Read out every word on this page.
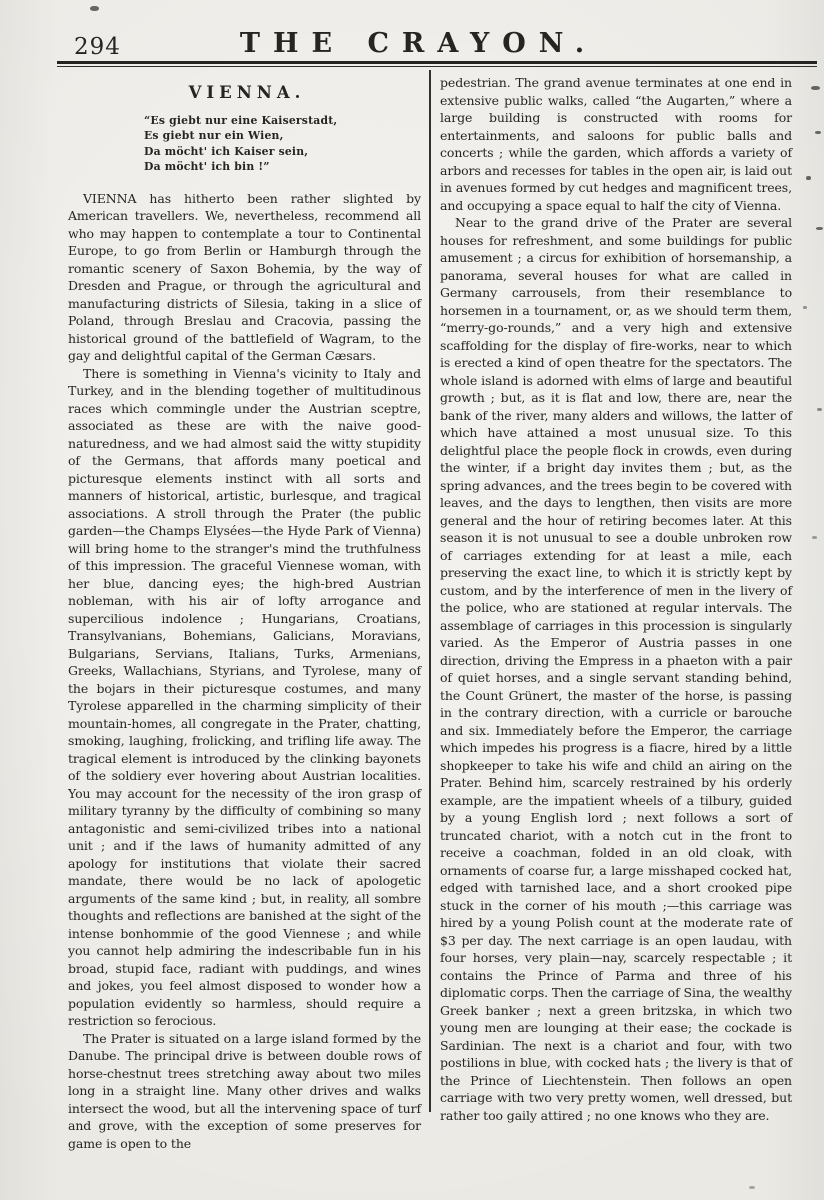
294	THE CRAYON.
VIENNA.
“Es giebt nur eine Kaiserstadt,
Es giebt nur ein Wien,
Da möcht' ich Kaiser sein,
Da möcht' ich bin !”

VIENNA has hitherto been rather slighted by American travellers. We, nevertheless, recommend all who may happen to contemplate a tour to Continental Europe, to go from Berlin or Hamburgh through the romantic scenery of Saxon Bohemia, by the way of Dresden and Prague, or through the agricultural and manufacturing districts of Silesia, taking in a slice of Poland, through Breslau and Cracovia, passing the historical ground of the battlefield of Wagram, to the gay and delightful capital of the German Cæsars.

There is something in Vienna's vicinity to Italy and Turkey, and in the blending together of multitudinous races which commingle under the Austrian sceptre, associated as these are with the naive good-naturedness, and we had almost said the witty stupidity of the Germans, that affords many poetical and picturesque elements instinct with all sorts and manners of historical, artistic, burlesque, and tragical associations. A stroll through the Prater (the public garden—the Champs Elysées—the Hyde Park of Vienna) will bring home to the stranger's mind the truthfulness of this impression. The graceful Viennese woman, with her blue, dancing eyes; the high-bred Austrian nobleman, with his air of lofty arrogance and supercilious indolence ; Hungarians, Croatians, Transylvanians, Bohemians, Galicians, Moravians, Bulgarians, Servians, Italians, Turks, Armenians, Greeks, Wallachians, Styrians, and Tyrolese, many of the bojars in their picturesque costumes, and many Tyrolese apparelled in the charming simplicity of their mountain-homes, all congregate in the Prater, chatting, smoking, laughing, frolicking, and trifling life away. The tragical element is introduced by the clinking bayonets of the soldiery ever hovering about Austrian localities. You may account for the necessity of the iron grasp of military tyranny by the difficulty of combining so many antagonistic and semi-civilized tribes into a national unit ; and if the laws of humanity admitted of any apology for institutions that violate their sacred mandate, there would be no lack of apologetic arguments of the same kind ; but, in reality, all sombre thoughts and reflections are banished at the sight of the intense bonhommie of the good Viennese ; and while you cannot help admiring the indescribable fun in his broad, stupid face, radiant with puddings, and wines and jokes, you feel almost disposed to wonder how a population evidently so harmless, should require a restriction so ferocious.

The Prater is situated on a large island formed by the Danube. The principal drive is between double rows of horse-chestnut trees stretching away about two miles long in a straight line. Many other drives and walks intersect the wood, but all the intervening space of turf and grove, with the exception of some preserves for game is open to the

pedestrian. The grand avenue terminates at one end in extensive public walks, called “the Augarten,” where a large building is constructed with rooms for entertainments, and saloons for public balls and concerts ; while the garden, which affords a variety of arbors and recesses for tables in the open air, is laid out in avenues formed by cut hedges and magnificent trees, and occupying a space equal to half the city of Vienna.

Near to the grand drive of the Prater are several houses for refreshment, and some buildings for public amusement ; a circus for exhibition of horsemanship, a panorama, several houses for what are called in Germany carrousels, from their resemblance to horsemen in a tournament, or, as we should term them, “merry-go-rounds,” and a very high and extensive scaffolding for the display of fire-works, near to which is erected a kind of open theatre for the spectators. The whole island is adorned with elms of large and beautiful growth ; but, as it is flat and low, there are, near the bank of the river, many alders and willows, the latter of which have attained a most unusual size. To this delightful place the people flock in crowds, even during the winter, if a bright day invites them ; but, as the spring advances, and the trees begin to be covered with leaves, and the days to lengthen, then visits are more general and the hour of retiring becomes later. At this season it is not unusual to see a double unbroken row of carriages extending for at least a mile, each preserving the exact line, to which it is strictly kept by custom, and by the interference of men in the livery of the police, who are stationed at regular intervals. The assemblage of carriages in this procession is singularly varied. As the Emperor of Austria passes in one direction, driving the Empress in a phaeton with a pair of quiet horses, and a single servant standing behind, the Count Grünert, the master of the horse, is passing in the contrary direction, with a curricle or barouche and six. Immediately before the Emperor, the carriage which impedes his progress is a fiacre, hired by a little shopkeeper to take his wife and child an airing on the Prater. Behind him, scarcely restrained by his orderly example, are the impatient wheels of a tilbury, guided by a young English lord ; next follows a sort of truncated chariot, with a notch cut in the front to receive a coachman, folded in an old cloak, with ornaments of coarse fur, a large misshaped cocked hat, edged with tarnished lace, and a short crooked pipe stuck in the corner of his mouth ;—this carriage was hired by a young Polish count at the moderate rate of $3 per day. The next carriage is an open laudau, with four horses, very plain—nay, scarcely respectable ; it contains the Prince of Parma and three of his diplomatic corps. Then the carriage of Sina, the wealthy Greek banker ; next a green britzska, in which two young men are lounging at their ease; the cockade is Sardinian. The next is a chariot and four, with two postilions in blue, with cocked hats ; the livery is that of the Prince of Liechtenstein. Then follows an open carriage with two very pretty women, well dressed, but rather too gaily attired ; no one knows who they are.
